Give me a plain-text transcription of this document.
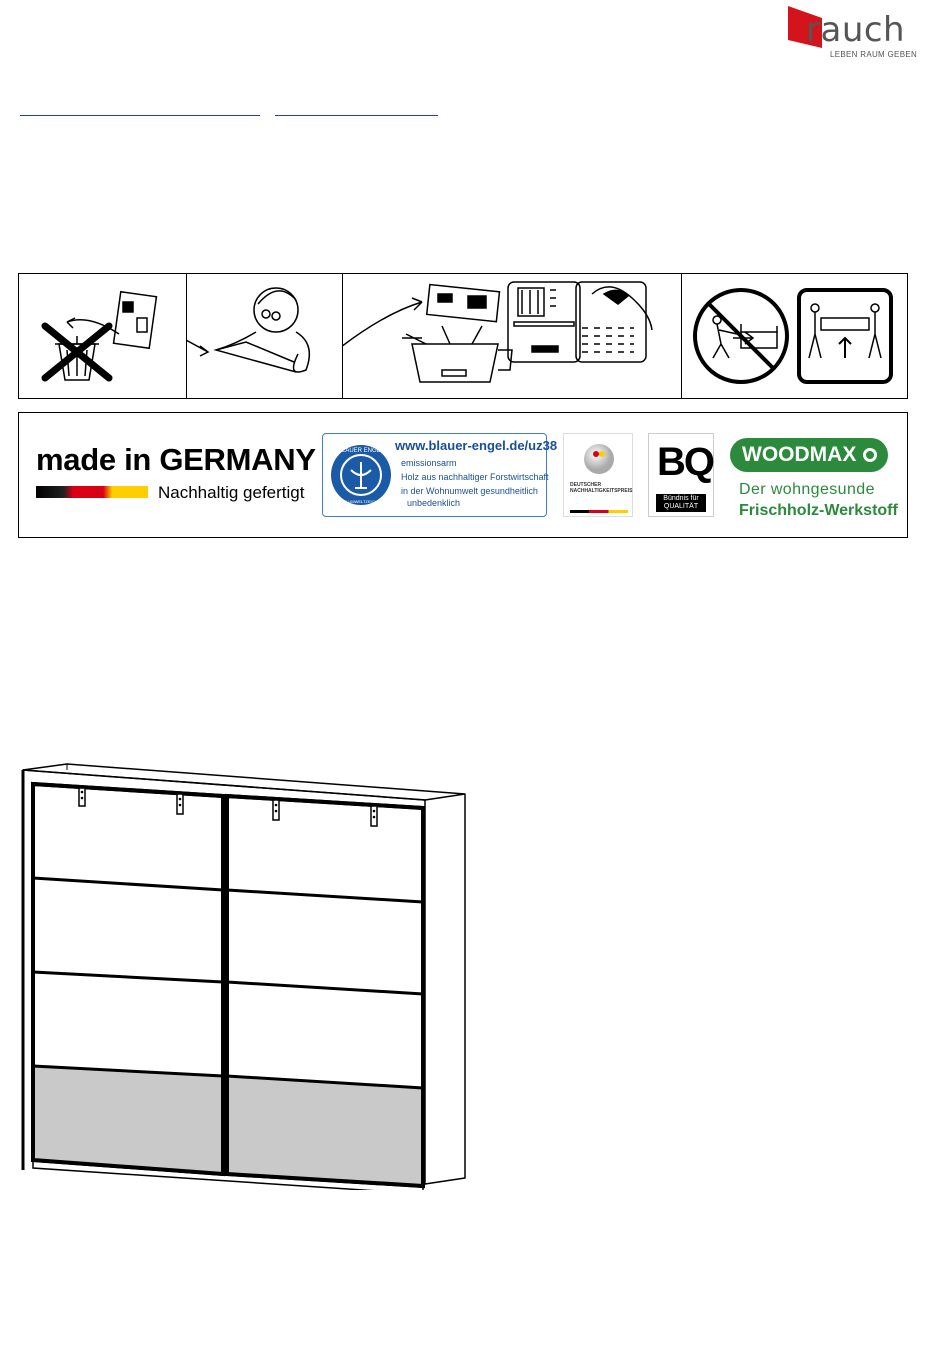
rauch
LEBEN RAUM GEBEN
made in GERMANY
Nachhaltig gefertigt
BLAUER ENGEL
DAS UMWELTZEICHEN
www.blauer-engel.de/uz38
emissionsarm
Holz aus nachhaltiger Forstwirtschaft
in der Wohnumwelt gesundheitlich
unbedenklich
DEUTSCHER
NACHHALTIGKEITSPREIS
BQ
Bündnis für
QUALITÄT
WOODMAX
Der wohngesunde
Frischholz-Werkstoff
